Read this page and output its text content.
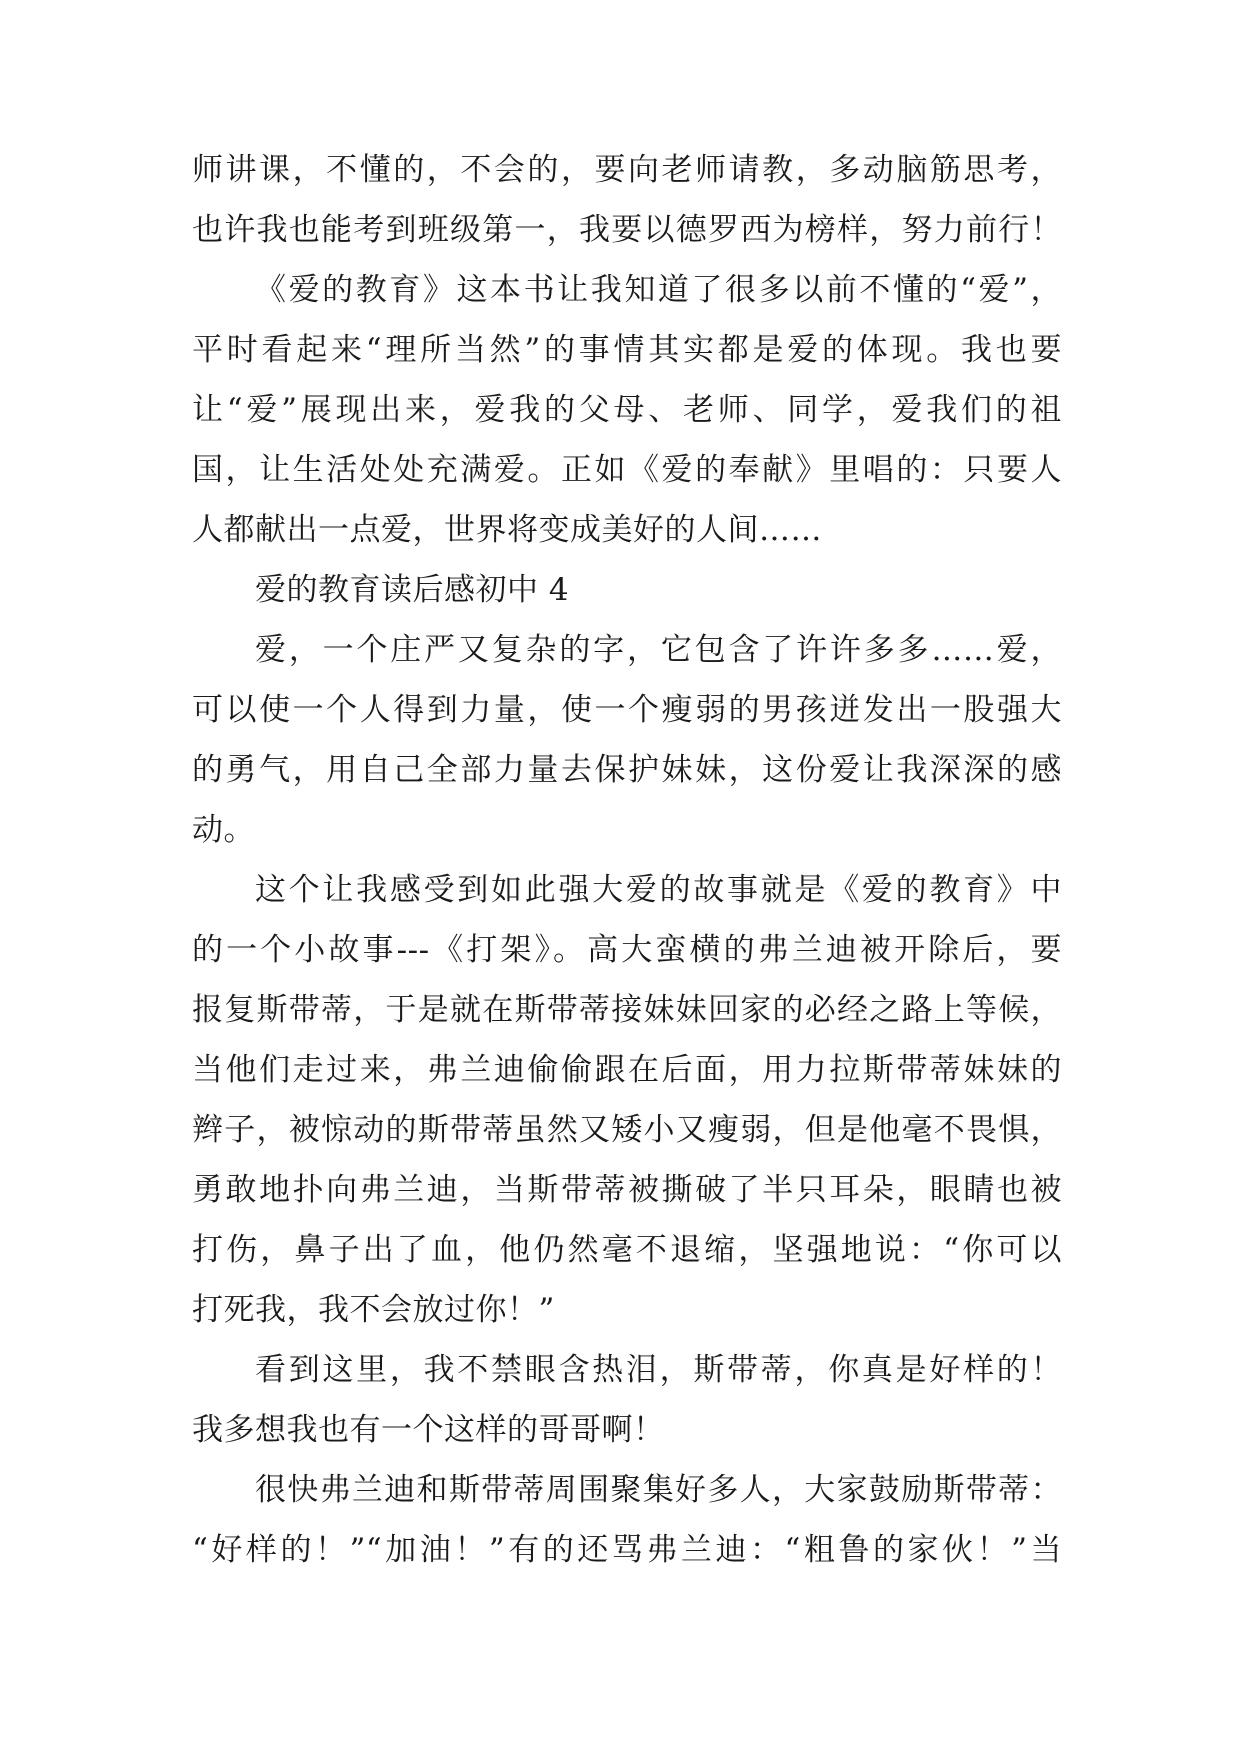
师讲课，不懂的，不会的，要向老师请教，多动脑筋思考，
也许我也能考到班级第一，我要以德罗西为榜样，努力前行！
《爱的教育》这本书让我知道了很多以前不懂的“爱”，
平时看起来“理所当然”的事情其实都是爱的体现。我也要
让“爱”展现出来，爱我的父母、老师、同学，爱我们的祖
国，让生活处处充满爱。正如《爱的奉献》里唱的：只要人
人都献出一点爱，世界将变成美好的人间……
爱的教育读后感初中 4
爱，一个庄严又复杂的字，它包含了许许多多……爱，
可以使一个人得到力量，使一个瘦弱的男孩迸发出一股强大
的勇气，用自己全部力量去保护妹妹，这份爱让我深深的感
动。
这个让我感受到如此强大爱的故事就是《爱的教育》中
的一个小故事---《打架》。高大蛮横的弗兰迪被开除后，要
报复斯带蒂，于是就在斯带蒂接妹妹回家的必经之路上等候，
当他们走过来，弗兰迪偷偷跟在后面，用力拉斯带蒂妹妹的
辫子，被惊动的斯带蒂虽然又矮小又瘦弱，但是他毫不畏惧，
勇敢地扑向弗兰迪，当斯带蒂被撕破了半只耳朵，眼睛也被
打伤，鼻子出了血，他仍然毫不退缩，坚强地说：“你可以
打死我，我不会放过你！”
看到这里，我不禁眼含热泪，斯带蒂，你真是好样的！
我多想我也有一个这样的哥哥啊！
很快弗兰迪和斯带蒂周围聚集好多人，大家鼓励斯带蒂：
“好样的！”“加油！”有的还骂弗兰迪：“粗鲁的家伙！”当
